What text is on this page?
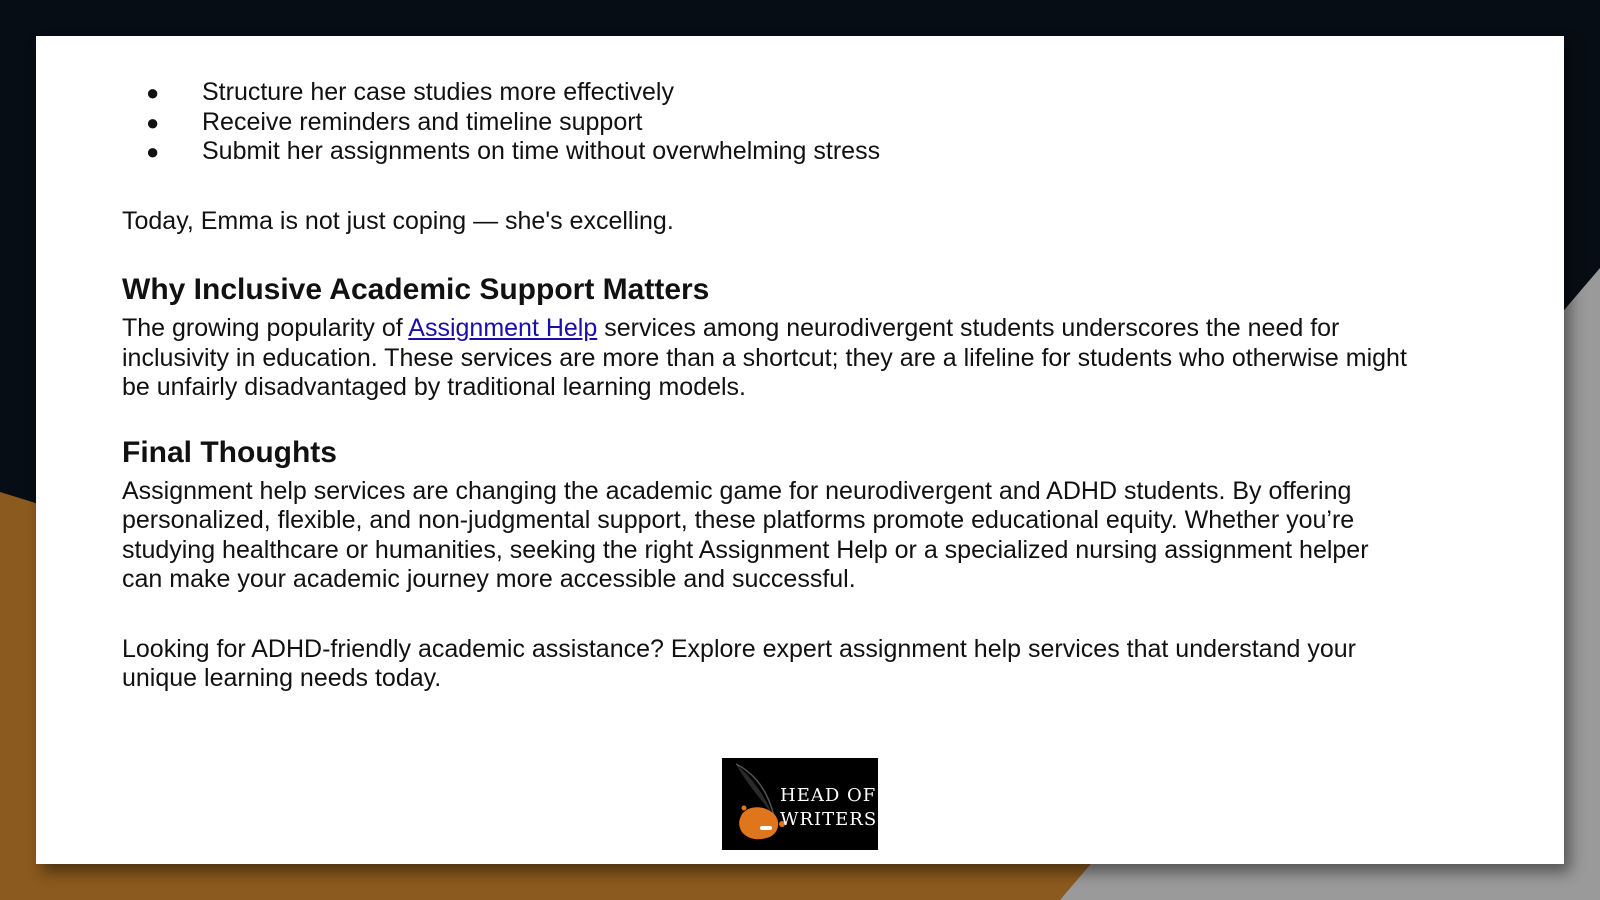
● Structure her case studies more effectively
● Receive reminders and timeline support
● Submit her assignments on time without overwhelming stress

Today, Emma is not just coping — she's excelling.

Why Inclusive Academic Support Matters

The growing popularity of Assignment Help services among neurodivergent students underscores the need for inclusivity in education. These services are more than a shortcut; they are a lifeline for students who otherwise might be unfairly disadvantaged by traditional learning models.

Final Thoughts

Assignment help services are changing the academic game for neurodivergent and ADHD students. By offering personalized, flexible, and non-judgmental support, these platforms promote educational equity. Whether you’re studying healthcare or humanities, seeking the right Assignment Help or a specialized nursing assignment helper can make your academic journey more accessible and successful.

Looking for ADHD-friendly academic assistance? Explore expert assignment help services that understand your unique learning needs today.

HEAD OF
WRITERS
